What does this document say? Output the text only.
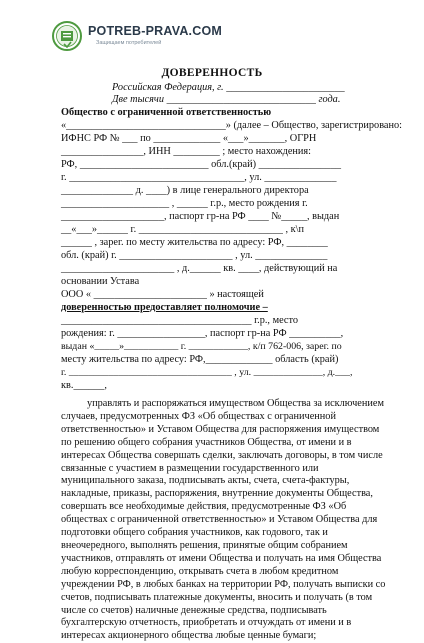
POTREB-PRAVA.COM
Защищаем потребителей
ДОВЕРЕННОСТЬ
Российская Федерация, г. _______________________
Две тысячи _____________________________ года.
Общество с ограниченной ответственностью
«_______________________________» (далее – Общество, зарегистрировано:
ИФНС РФ № ___ по _____________ «___»_______, ОГРН
________________, ИНН _________ ; место нахождения:
РФ, _________________________ обл.(край) ________________
г. __________________________________, ул. ______________
______________ д. ____) в лице генерального директора
_____________________ , ______ г.р., место рождения г.
____________________, паспорт гр-на РФ ____ №_____, выдан
__«___»______ г. ____________________________ , к\п
______ , зарег. по месту жительства по адресу: РФ, ________
обл. (край) г. ______________________ , ул. ______________
______________________ , д.______ кв. ____, действующий на
основании Устава
ООО « ______________________ » настоящей
доверенностью предоставляет полномочие –
_____________________________________ г.р., место
рождения: г. _________________, паспорт гр-на РФ __________,
выдан «_____»___________ г. ____________, к/п 762-006, зарег. по
месту жительства по адресу: РФ,_____________ область (край)
г. _________________________________ , ул. ______________, д.___,
кв.______,

управлять и распоряжаться имуществом Общества за исключением случаев, предусмотренных ФЗ «Об обществах с ограниченной ответственностью» и Уставом Общества для распоряжения имуществом по решению общего собрания участников Общества, от имени и в интересах Общества совершать сделки, заключать договоры, в том числе связанные с участием в размещении государственного или муниципального заказа, подписывать акты, счета, счета-фактуры, накладные, приказы, распоряжения, внутренние документы Общества, совершать все необходимые действия, предусмотренные ФЗ «Об обществах с ограниченной ответственностью» и Уставом Общества для подготовки общего собрания участников, как годового, так и внеочередного, выполнять решения, принятые общим собранием участников, отправлять от имени Общества и получать на имя Общества любую корреспонденцию, открывать счета в любом кредитном учреждении РФ, в любых банках на территории РФ, получать выписки со счетов, подписывать платежные документы, вносить и получать (в том числе со счетов) наличные денежные средства, подписывать бухгалтерскую отчетность, приобретать и отчуждать от имени и в интересах акционерного общества любые ценные бумаги;
